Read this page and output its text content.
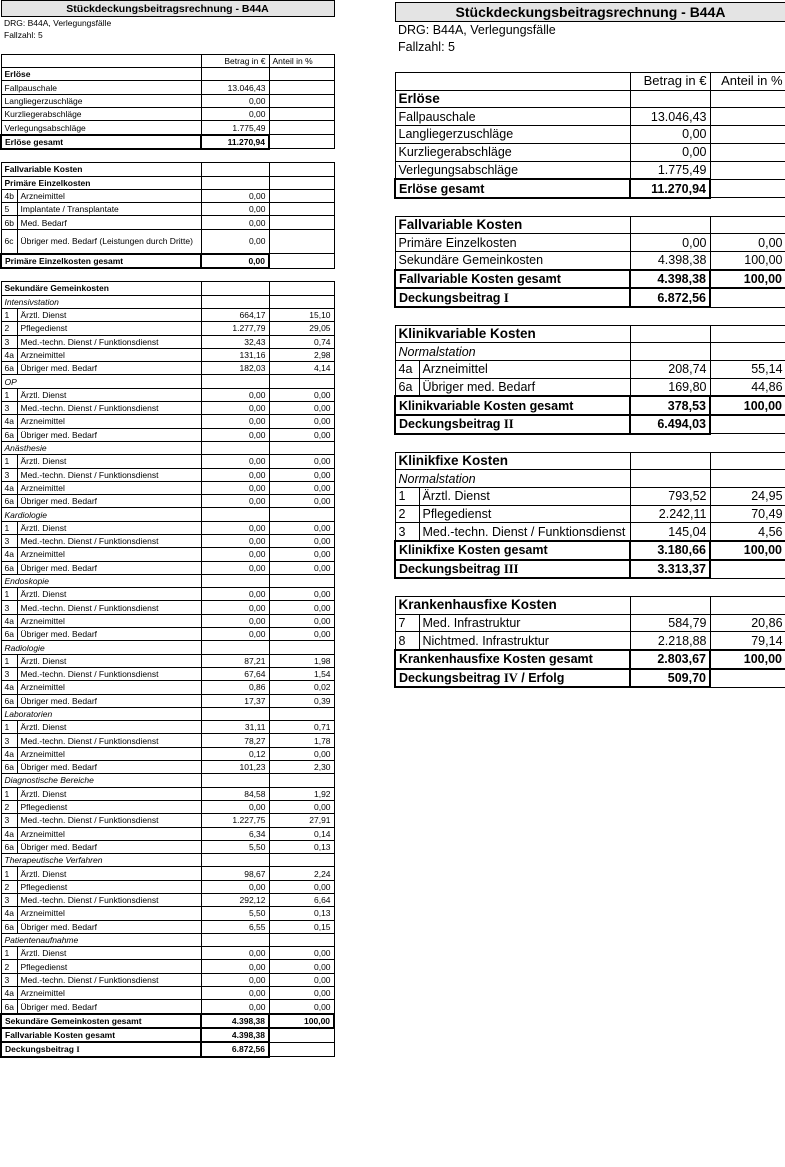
Stückdeckungsbeitragsrechnung - B44A			
DRG: B44A, Verlegungsfälle			
Fallzahl: 5			

		Betrag in €	Anteil in %
Erlöse			
Fallpauschale		13.046,43	
Langliegerzuschläge		0,00	
Kurzliegerabschläge		0,00	
Verlegungsabschläge		1.775,49	
Erlöse gesamt		11.270,94	

Fallvariable Kosten			
Primäre Einzelkosten			
4b	Arzneimittel	0,00	
5	Implantate / Transplantate	0,00	
6b	Med. Bedarf	0,00	
6c	Übriger med. Bedarf (Leistungen durch Dritte)	0,00	
Primäre Einzelkosten gesamt		0,00	

Sekundäre Gemeinkosten			
Intensivstation			
1	Ärztl. Dienst	664,17	15,10
2	Pflegedienst	1.277,79	29,05
3	Med.-techn. Dienst / Funktionsdienst	32,43	0,74
4a	Arzneimittel	131,16	2,98
6a	Übriger med. Bedarf	182,03	4,14
OP			
1	Ärztl. Dienst	0,00	0,00
3	Med.-techn. Dienst / Funktionsdienst	0,00	0,00
4a	Arzneimittel	0,00	0,00
6a	Übriger med. Bedarf	0,00	0,00
Anästhesie			
1	Ärztl. Dienst	0,00	0,00
3	Med.-techn. Dienst / Funktionsdienst	0,00	0,00
4a	Arzneimittel	0,00	0,00
6a	Übriger med. Bedarf	0,00	0,00
Kardiologie			
1	Ärztl. Dienst	0,00	0,00
3	Med.-techn. Dienst / Funktionsdienst	0,00	0,00
4a	Arzneimittel	0,00	0,00
6a	Übriger med. Bedarf	0,00	0,00
Endoskopie			
1	Ärztl. Dienst	0,00	0,00
3	Med.-techn. Dienst / Funktionsdienst	0,00	0,00
4a	Arzneimittel	0,00	0,00
6a	Übriger med. Bedarf	0,00	0,00
Radiologie			
1	Ärztl. Dienst	87,21	1,98
3	Med.-techn. Dienst / Funktionsdienst	67,64	1,54
4a	Arzneimittel	0,86	0,02
6a	Übriger med. Bedarf	17,37	0,39
Laboratorien			
1	Ärztl. Dienst	31,11	0,71
3	Med.-techn. Dienst / Funktionsdienst	78,27	1,78
4a	Arzneimittel	0,12	0,00
6a	Übriger med. Bedarf	101,23	2,30
Diagnostische Bereiche			
1	Ärztl. Dienst	84,58	1,92
2	Pflegedienst	0,00	0,00
3	Med.-techn. Dienst / Funktionsdienst	1.227,75	27,91
4a	Arzneimittel	6,34	0,14
6a	Übriger med. Bedarf	5,50	0,13
Therapeutische Verfahren			
1	Ärztl. Dienst	98,67	2,24
2	Pflegedienst	0,00	0,00
3	Med.-techn. Dienst / Funktionsdienst	292,12	6,64
4a	Arzneimittel	5,50	0,13
6a	Übriger med. Bedarf	6,55	0,15
Patientenaufnahme			
1	Ärztl. Dienst	0,00	0,00
2	Pflegedienst	0,00	0,00
3	Med.-techn. Dienst / Funktionsdienst	0,00	0,00
4a	Arzneimittel	0,00	0,00
6a	Übriger med. Bedarf	0,00	0,00
Sekundäre Gemeinkosten gesamt		4.398,38	100,00
Fallvariable Kosten gesamt		4.398,38	
Deckungsbeitrag I		6.872,56	
Stückdeckungsbeitragsrechnung - B44A			
DRG: B44A, Verlegungsfälle			
Fallzahl: 5			

		Betrag in €	Anteil in %
Erlöse			
Fallpauschale		13.046,43	
Langliegerzuschläge		0,00	
Kurzliegerabschläge		0,00	
Verlegungsabschläge		1.775,49	
Erlöse gesamt		11.270,94	

Fallvariable Kosten			
Primäre Einzelkosten		0,00	0,00
Sekundäre Gemeinkosten		4.398,38	100,00
Fallvariable Kosten gesamt		4.398,38	100,00
Deckungsbeitrag I		6.872,56	

Klinikvariable Kosten			
Normalstation			
4a	Arzneimittel	208,74	55,14
6a	Übriger med. Bedarf	169,80	44,86
Klinikvariable Kosten gesamt		378,53	100,00
Deckungsbeitrag II		6.494,03	

Klinikfixe Kosten			
Normalstation			
1	Ärztl. Dienst	793,52	24,95
2	Pflegedienst	2.242,11	70,49
3	Med.-techn. Dienst / Funktionsdienst	145,04	4,56
Klinikfixe Kosten gesamt		3.180,66	100,00
Deckungsbeitrag III		3.313,37	

Krankenhausfixe Kosten			
7	Med. Infrastruktur	584,79	20,86
8	Nichtmed. Infrastruktur	2.218,88	79,14
Krankenhausfixe Kosten gesamt		2.803,67	100,00
Deckungsbeitrag IV / Erfolg		509,70	
